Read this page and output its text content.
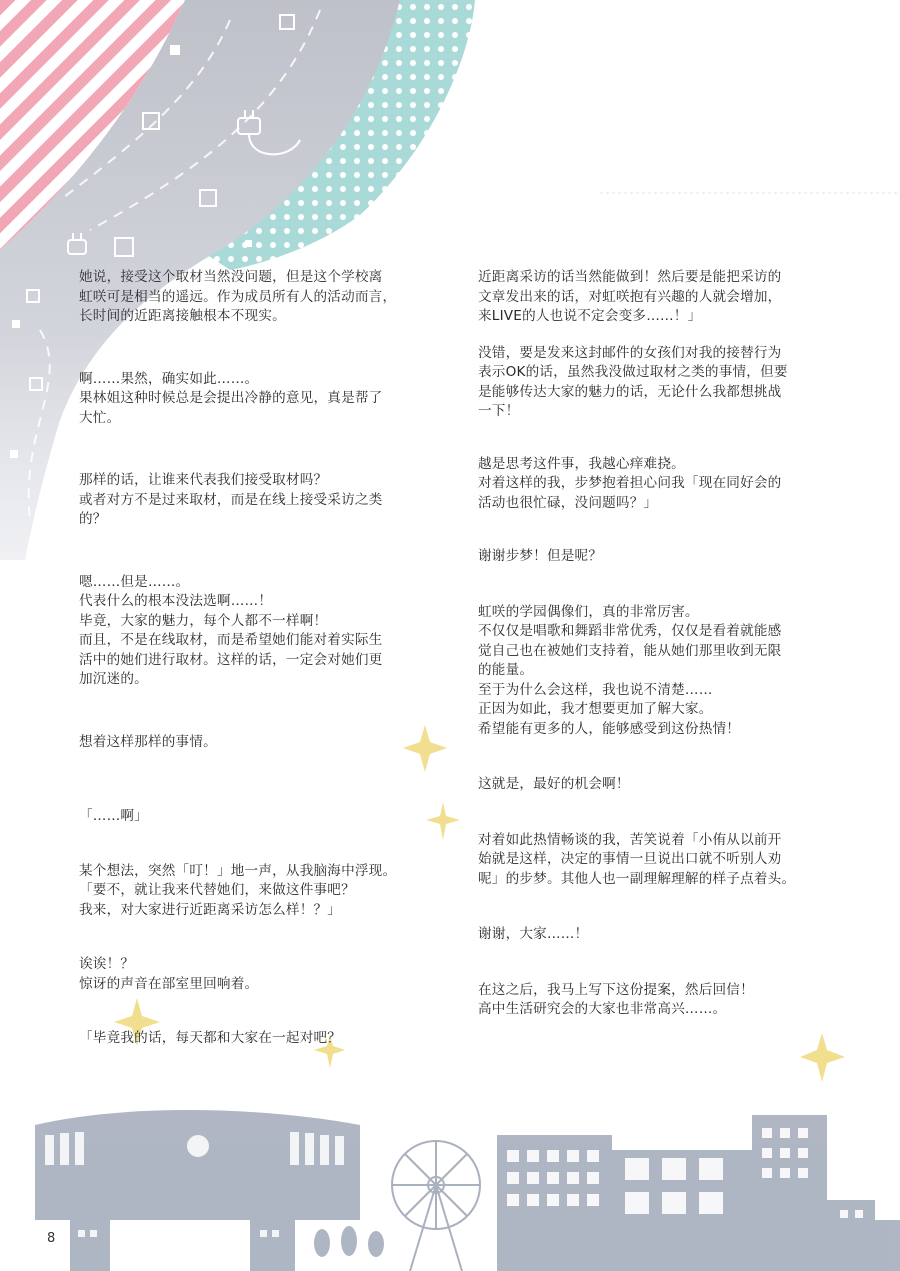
她说，接受这个取材当然没问题，但是这个学校离
虹咲可是相当的遥远。作为成员所有人的活动而言，
长时间的近距离接触根本不现实。

啊……果然，确实如此……。
果林姐这种时候总是会提出冷静的意见，真是帮了
大忙。

那样的话，让谁来代表我们接受取材吗？
或者对方不是过来取材，而是在线上接受采访之类
的？

嗯……但是……。
代表什么的根本没法选啊……！
毕竟，大家的魅力，每个人都不一样啊！
而且，不是在线取材，而是希望她们能对着实际生
活中的她们进行取材。这样的话，一定会对她们更
加沉迷的。

想着这样那样的事情。

「……啊」

某个想法，突然「叮！」地一声，从我脑海中浮现。
「要不，就让我来代替她们，来做这件事吧？
我来，对大家进行近距离采访怎么样！？」

诶诶！？
惊讶的声音在部室里回响着。

「毕竟我的话，每天都和大家在一起对吧？

近距离采访的话当然能做到！然后要是能把采访的
文章发出来的话，对虹咲抱有兴趣的人就会增加，
来LIVE的人也说不定会变多……！」

没错，要是发来这封邮件的女孩们对我的接替行为
表示OK的话，虽然我没做过取材之类的事情，但要
是能够传达大家的魅力的话，无论什么我都想挑战
一下！

越是思考这件事，我越心痒难挠。
对着这样的我，步梦抱着担心问我「现在同好会的
活动也很忙碌，没问题吗？」

谢谢步梦！但是呢？

虹咲的学园偶像们，真的非常厉害。
不仅仅是唱歌和舞蹈非常优秀，仅仅是看着就能感
觉自己也在被她们支持着，能从她们那里收到无限
的能量。
至于为什么会这样，我也说不清楚……
正因为如此，我才想要更加了解大家。
希望能有更多的人，能够感受到这份热情！

这就是，最好的机会啊！

对着如此热情畅谈的我，苦笑说着「小侑从以前开
始就是这样，决定的事情一旦说出口就不听别人劝
呢」的步梦。其他人也一副理解理解的样子点着头。

谢谢，大家……！

在这之后，我马上写下这份提案，然后回信！
高中生活研究会的大家也非常高兴……。

8
